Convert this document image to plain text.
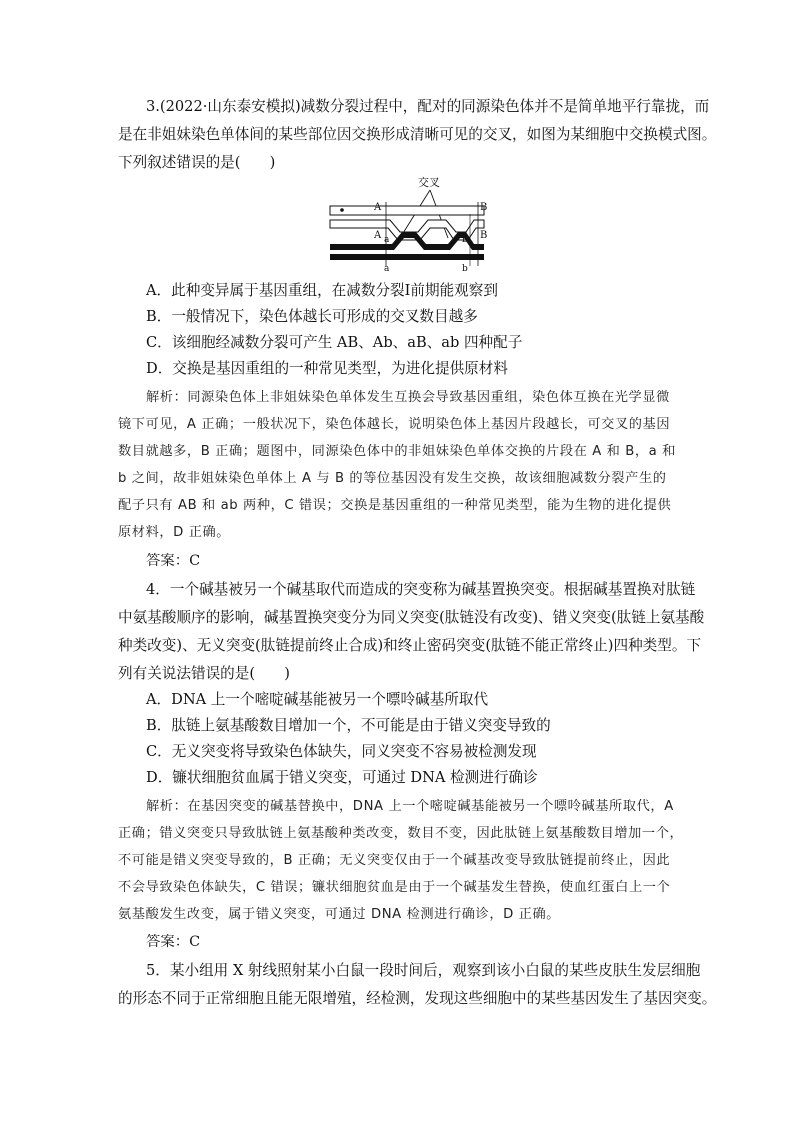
3.(2022·山东泰安模拟)减数分裂过程中，配对的同源染色体并不是简单地平行靠拢，而
是在非姐妹染色单体间的某些部位因交换形成清晰可见的交叉，如图为某细胞中交换模式图。
下列叙述错误的是(　　)
交叉
A
A a
a
B
B
b
b
A．此种变异属于基因重组，在减数分裂Ⅰ前期能观察到
B．一般情况下，染色体越长可形成的交叉数目越多
C．该细胞经减数分裂可产生 AB、Ab、aB、ab 四种配子
D．交换是基因重组的一种常见类型，为进化提供原材料
解析：同源染色体上非姐妹染色单体发生互换会导致基因重组，染色体互换在光学显微
镜下可见，A 正确；一般状况下，染色体越长，说明染色体上基因片段越长，可交叉的基因
数目就越多，B 正确；题图中，同源染色体中的非姐妹染色单体交换的片段在 A 和 B，a 和
b 之间，故非姐妹染色单体上 A 与 B 的等位基因没有发生交换，故该细胞减数分裂产生的
配子只有 AB 和 ab 两种，C 错误；交换是基因重组的一种常见类型，能为生物的进化提供
原材料，D 正确。
答案：C
4．一个碱基被另一个碱基取代而造成的突变称为碱基置换突变。根据碱基置换对肽链
中氨基酸顺序的影响，碱基置换突变分为同义突变(肽链没有改变)、错义突变(肽链上氨基酸
种类改变)、无义突变(肽链提前终止合成)和终止密码突变(肽链不能正常终止)四种类型。下
列有关说法错误的是(　　)
A．DNA 上一个嘧啶碱基能被另一个嘌呤碱基所取代
B．肽链上氨基酸数目增加一个，不可能是由于错义突变导致的
C．无义突变将导致染色体缺失，同义突变不容易被检测发现
D．镰状细胞贫血属于错义突变，可通过 DNA 检测进行确诊
解析：在基因突变的碱基替换中，DNA 上一个嘧啶碱基能被另一个嘌呤碱基所取代，A
正确；错义突变只导致肽链上氨基酸种类改变，数目不变，因此肽链上氨基酸数目增加一个，
不可能是错义突变导致的，B 正确；无义突变仅由于一个碱基改变导致肽链提前终止，因此
不会导致染色体缺失，C 错误；镰状细胞贫血是由于一个碱基发生替换，使血红蛋白上一个
氨基酸发生改变，属于错义突变，可通过 DNA 检测进行确诊，D 正确。
答案：C
5．某小组用 X 射线照射某小白鼠一段时间后，观察到该小白鼠的某些皮肤生发层细胞
的形态不同于正常细胞且能无限增殖，经检测，发现这些细胞中的某些基因发生了基因突变。
